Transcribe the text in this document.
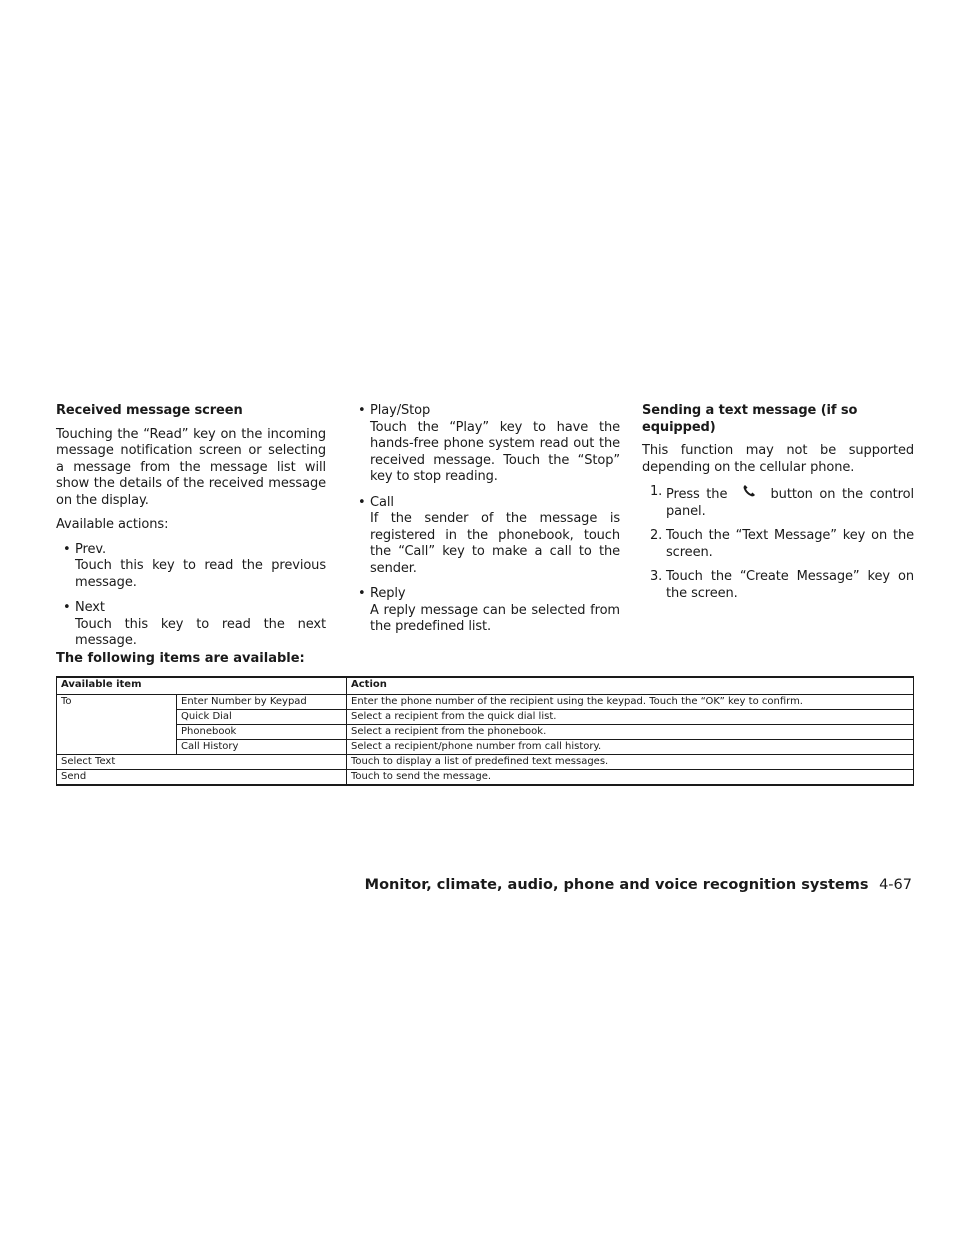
Received message screen

Touching the “Read” key on the incoming message notification screen or selecting a message from the message list will show the details of the received message on the display.

Available actions:

• Prev.
Touch this key to read the previous message.
• Next
Touch this key to read the next message.
• Play/Stop
Touch the “Play” key to have the hands-free phone system read out the received message. Touch the “Stop” key to stop reading.
• Call
If the sender of the message is registered in the phonebook, touch the “Call” key to make a call to the sender.
• Reply
A reply message can be selected from the predefined list.
Sending a text message (if so equipped)

This function may not be supported depending on the cellular phone.

1. Press the	button on the control panel.
2. Touch the “Text Message” key on the screen.
3. Touch the “Create Message” key on the screen.
The following items are available:
Available item		Action
To	Enter Number by Keypad	Enter the phone number of the recipient using the keypad. Touch the “OK” key to confirm.
	Quick Dial	Select a recipient from the quick dial list.
	Phonebook	Select a recipient from the phonebook.
	Call History	Select a recipient/phone number from call history.
Select Text		Touch to display a list of predefined text messages.
Send		Touch to send the message.
Monitor, climate, audio, phone and voice recognition systems 4-67
